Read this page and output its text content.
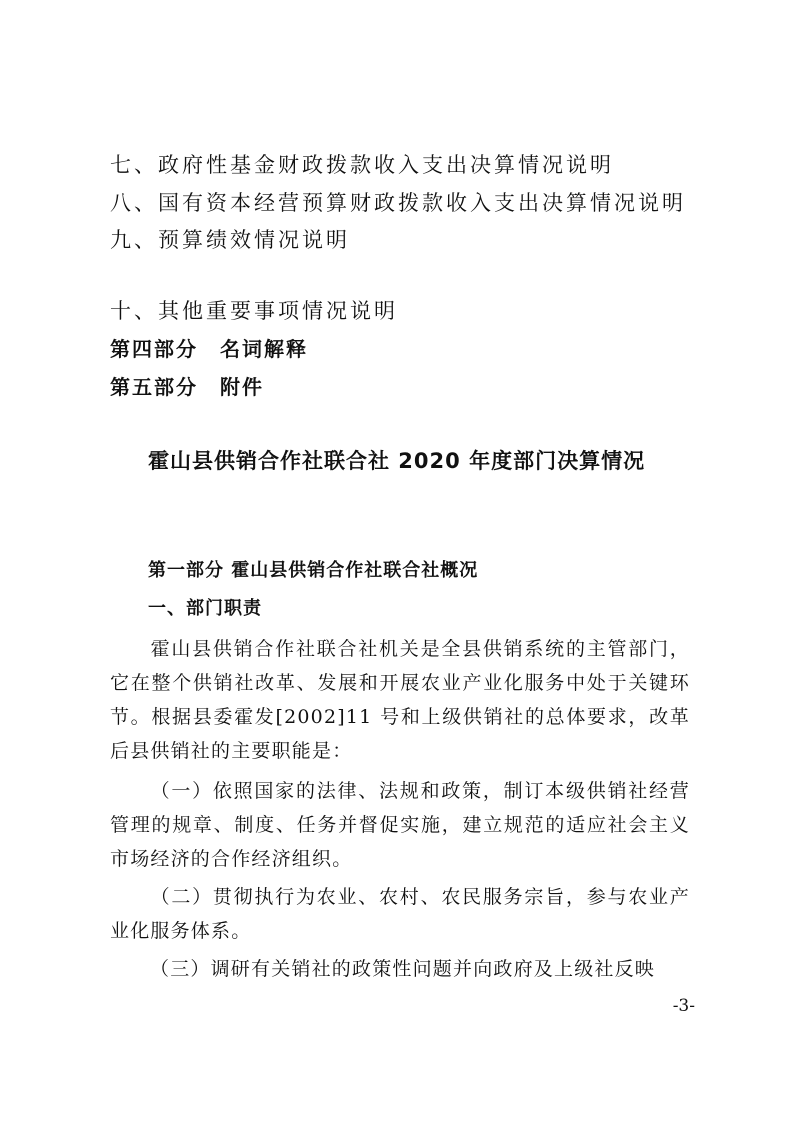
七、政府性基金财政拨款收入支出决算情况说明
八、国有资本经营预算财政拨款收入支出决算情况说明
九、预算绩效情况说明
十、其他重要事项情况说明
第四部分　名词解释
第五部分　附件
霍山县供销合作社联合社 2020 年度部门决算情况
第一部分 霍山县供销合作社联合社概况
一、部门职责
霍山县供销合作社联合社机关是全县供销系统的主管部门，它在整个供销社改革、发展和开展农业产业化服务中处于关键环节。根据县委霍发[2002]11 号和上级供销社的总体要求，改革后县供销社的主要职能是：
（一）依照国家的法律、法规和政策，制订本级供销社经营管理的规章、制度、任务并督促实施，建立规范的适应社会主义市场经济的合作经济组织。
（二）贯彻执行为农业、农村、农民服务宗旨，参与农业产业化服务体系。
（三）调研有关销社的政策性问题并向政府及上级社反映
-3-
